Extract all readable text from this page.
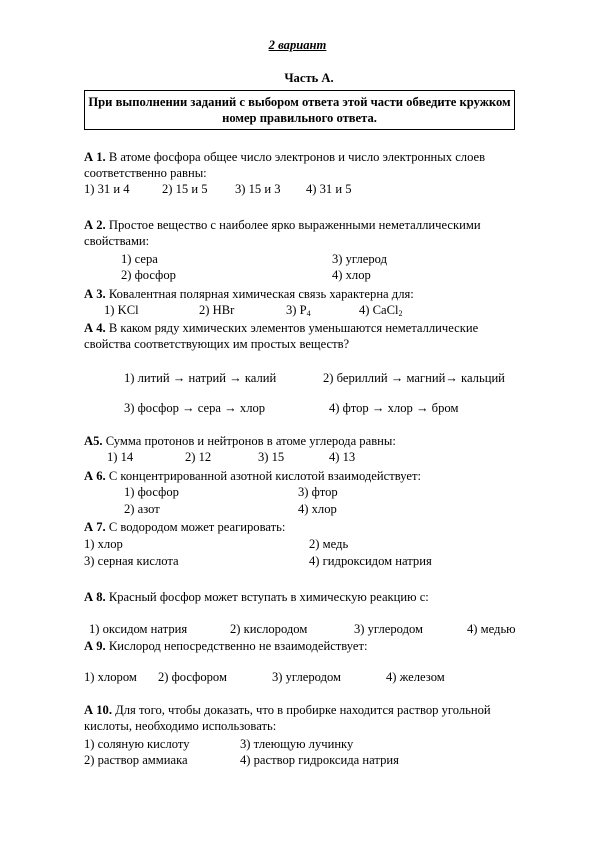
2 вариант
Часть А.
При выполнении заданий с выбором ответа этой части обведите кружком
номер правильного ответа.
А 1. В атоме фосфора общее число электронов и число электронных слоев
соответственно равны:
1) 31 и 4	2) 15 и 5 3) 15 и 3 4) 31 и 5
А 2. Простое вещество с наиболее ярко выраженными неметаллическими
свойствами:
1) сера	3) углерод
2) фосфор	4) хлор
А 3. Ковалентная полярная химическая связь характерна для:
1) KCl	2) HBr	3) $P_4$	4) CaCl$_2$
А 4. В каком ряду химических элементов уменьшаются неметаллические
свойства соответствующих им простых веществ?
1) литий → натрий → калий	2) бериллий → магний→ кальций
3) фосфор → сера → хлор	4) фтор → хлор → бром
А5. Сумма протонов и нейтронов в атоме углерода равны:
1) 14	2) 12	3) 15	4) 13
А 6. С концентрированной азотной кислотой взаимодействует:
1) фосфор	3) фтор
2) азот	4) хлор
А 7. С водородом может реагировать:
1) хлор	2) медь
3) серная кислота	4) гидроксидом натрия
А 8. Красный фосфор может вступать в химическую реакцию с:
1) оксидом натрия	2) кислородом	3) углеродом	4) медью
А 9. Кислород непосредственно не взаимодействует:
1) хлором 2) фосфором	3) углеродом	4) железом
А 10. Для того, чтобы доказать, что в пробирке находится раствор угольной
кислоты, необходимо использовать:
1) соляную кислоту	3) тлеющую лучинку
2) раствор аммиака	4) раствор гидроксида натрия
